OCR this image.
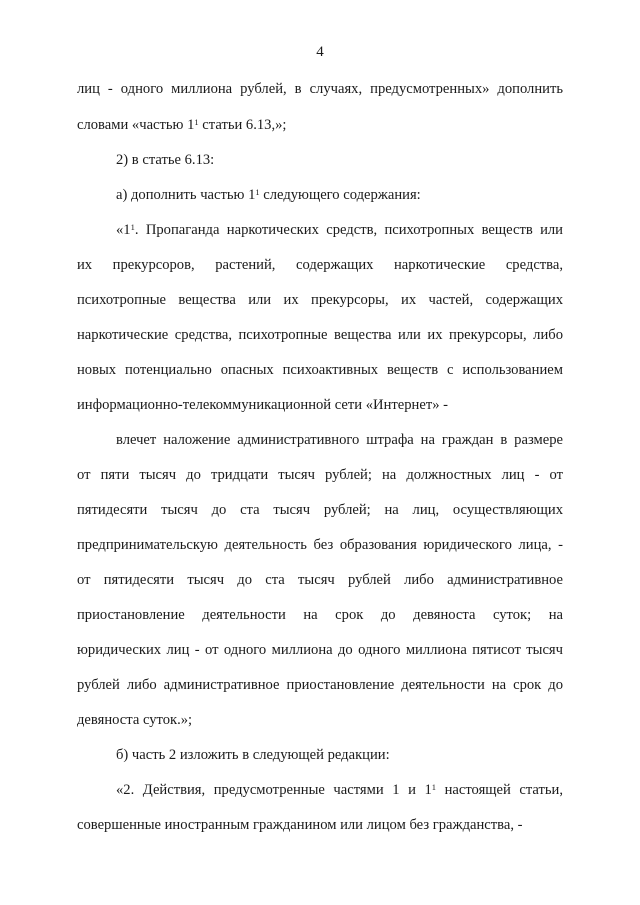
4
лиц - одного миллиона рублей, в случаях, предусмотренных» дополнить
словами «частью $1^1$ статьи 6.13,»;
2) в статье 6.13:
а) дополнить частью $1^1$ следующего содержания:
«$1^1$. Пропаганда наркотических средств, психотропных веществ или
их прекурсоров, растений, содержащих наркотические средства,
психотропные вещества или их прекурсоры, их частей, содержащих
наркотические средства, психотропные вещества или их прекурсоры, либо
новых потенциально опасных психоактивных веществ с использованием
информационно-телекоммуникационной сети «Интернет» -
влечет наложение административного штрафа на граждан в размере
от пяти тысяч до тридцати тысяч рублей; на должностных лиц - от
пятидесяти тысяч до ста тысяч рублей; на лиц, осуществляющих
предпринимательскую деятельность без образования юридического лица, -
от пятидесяти тысяч до ста тысяч рублей либо административное
приостановление деятельности на срок до девяноста суток; на
юридических лиц - от одного миллиона до одного миллиона пятисот тысяч
рублей либо административное приостановление деятельности на срок до
девяноста суток.»;
б) часть 2 изложить в следующей редакции:
«2. Действия, предусмотренные частями 1 и $1^1$ настоящей статьи,
совершенные иностранным гражданином или лицом без гражданства, -
